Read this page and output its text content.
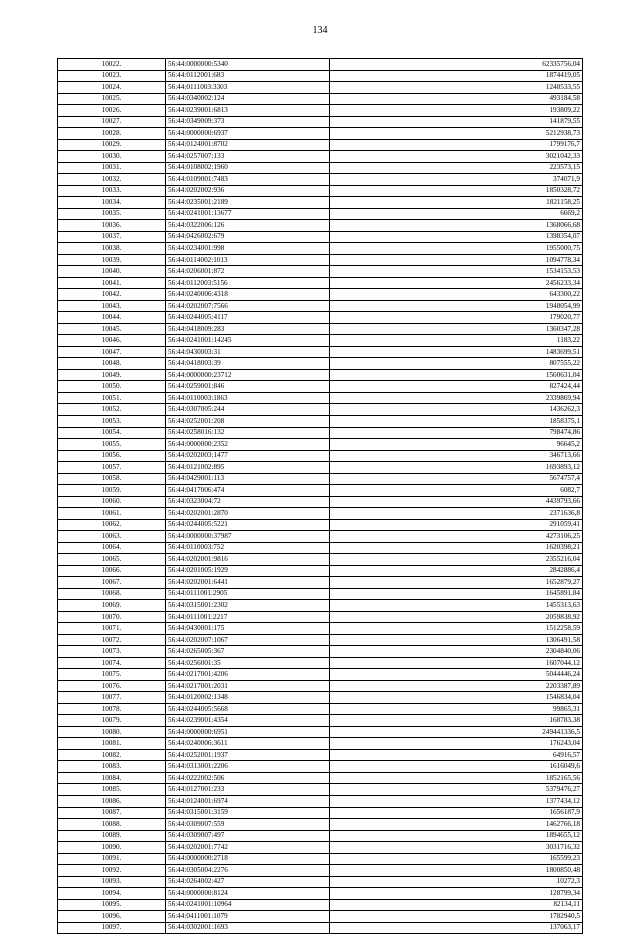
134
10022.	56:44:0000000:5340	62335756,04
10023.	56:44:0112001:683	1874419,05
10024.	56:44:0111003:3303	1248533,55
10025.	56:44:0340002:124	493184,58
10026.	56:44:0239001:6813	193809,22
10027.	56:44:0349009:373	141879,55
10028.	56:44:0000000:6937	5212938,73
10029.	56:44:0124001:8702	1799176,7
10030.	56:44:0257007:133	3021042,33
10031.	56:44:0108002:1960	223573,15
10032.	56:44:0109001:7483	374071,9
10033.	56:44:0202002:936	1850328,72
10034.	56:44:0235001:2189	1821158,25
10035.	56:44:0241001:13677	6669,2
10036.	56:44:0322006:126	1368066,68
10037.	56:44:0426002:679	1398354,07
10038.	56:44:0234001:998	1955000,75
10039.	56:44:0114002:1013	1094778,34
10040.	56:44:0206001:872	1534153,53
10041.	56:44:0112003:5156	2456233,34
10042.	56:44:0240006:4318	643300,22
10043.	56:44:0202007:7566	1948054,99
10044.	56:44:0244005:4117	179020,77
10045.	56:44:0418009:283	1360347,28
10046.	56:44:0241001:14245	1183,22
10047.	56:44:0430003:31	1483699,51
10048.	56:44:0418003:39	807555,22
10049.	56:44:0000000:23712	1560631,04
10050.	56:44:0259001:846	827424,44
10051.	56:44:0110003:1863	2339869,94
10052.	56:44:0307005:244	1436262,3
10053.	56:44:0252001:208	1858375,1
10054.	56:44:0258016:132	798474,86
10055.	56:44:0000000:2352	96645,2
10056.	56:44:0202003:1477	346713,66
10057.	56:44:0121002:895	1693893,12
10058.	56:44:0429001:113	5674757,4
10059.	56:44:0417006:474	6082,7
10060.	56:44:0323004:72	4439793,66
10061.	56:44:0202001:2870	2371636,8
10062.	56:44:0244005:5221	291059,41
10063.	56:44:0000000:37987	4273106,25
10064.	56:44:0110003:752	1620398,21
10065.	56:44:0202001:9816	2355216,04
10066.	56:44:0201005:1929	2842886,4
10067.	56:44:0202001:6441	1652879,27
10068.	56:44:0111001:2905	1645891,84
10069.	56:44:0315001:2302	1455313,63
10070.	56:44:0111001:2217	2059838,92
10071.	56:44:0430001:175	1512258,59
10072.	56:44:0202007:1067	1306491,58
10073.	56:44:0265005:367	2304840,06
10074.	56:44:0256001:35	1607044,12
10075.	56:44:0217001:4206	5044446,24
10076.	56:44:0217001:2031	2203387,89
10077.	56:44:0120002:1348	1546834,04
10078.	56:44:0244005:5668	99865,31
10079.	56:44:0239001:4354	168783,38
10080.	56:44:0000000:6951	249441336,5
10081.	56:44:0240006:3611	176243,04
10082.	56:44:0252001:1937	64916,57
10083.	56:44:0313001:2206	1616049,6
10084.	56:44:0222002:506	1852165,56
10085.	56:44:0127001:233	5379476,27
10086.	56:44:0124001:6974	1377434,12
10087.	56:44:0315001:3159	1656187,9
10088.	56:44:0309007:559	1462766,18
10089.	56:44:0309007:497	1894655,12
10090.	56:44:0202001:7742	3031716,32
10091.	56:44:0000000:2718	165599,23
10092.	56:44:0305004:2276	1800850,48
10093.	56:44:0264002:427	10272,3
10094.	56:44:0000000:8124	128799,34
10095.	56:44:0241001:10964	82134,11
10096.	56:44:0411001:1079	1782940,5
10097.	56:44:0302001:1693	137063,17
